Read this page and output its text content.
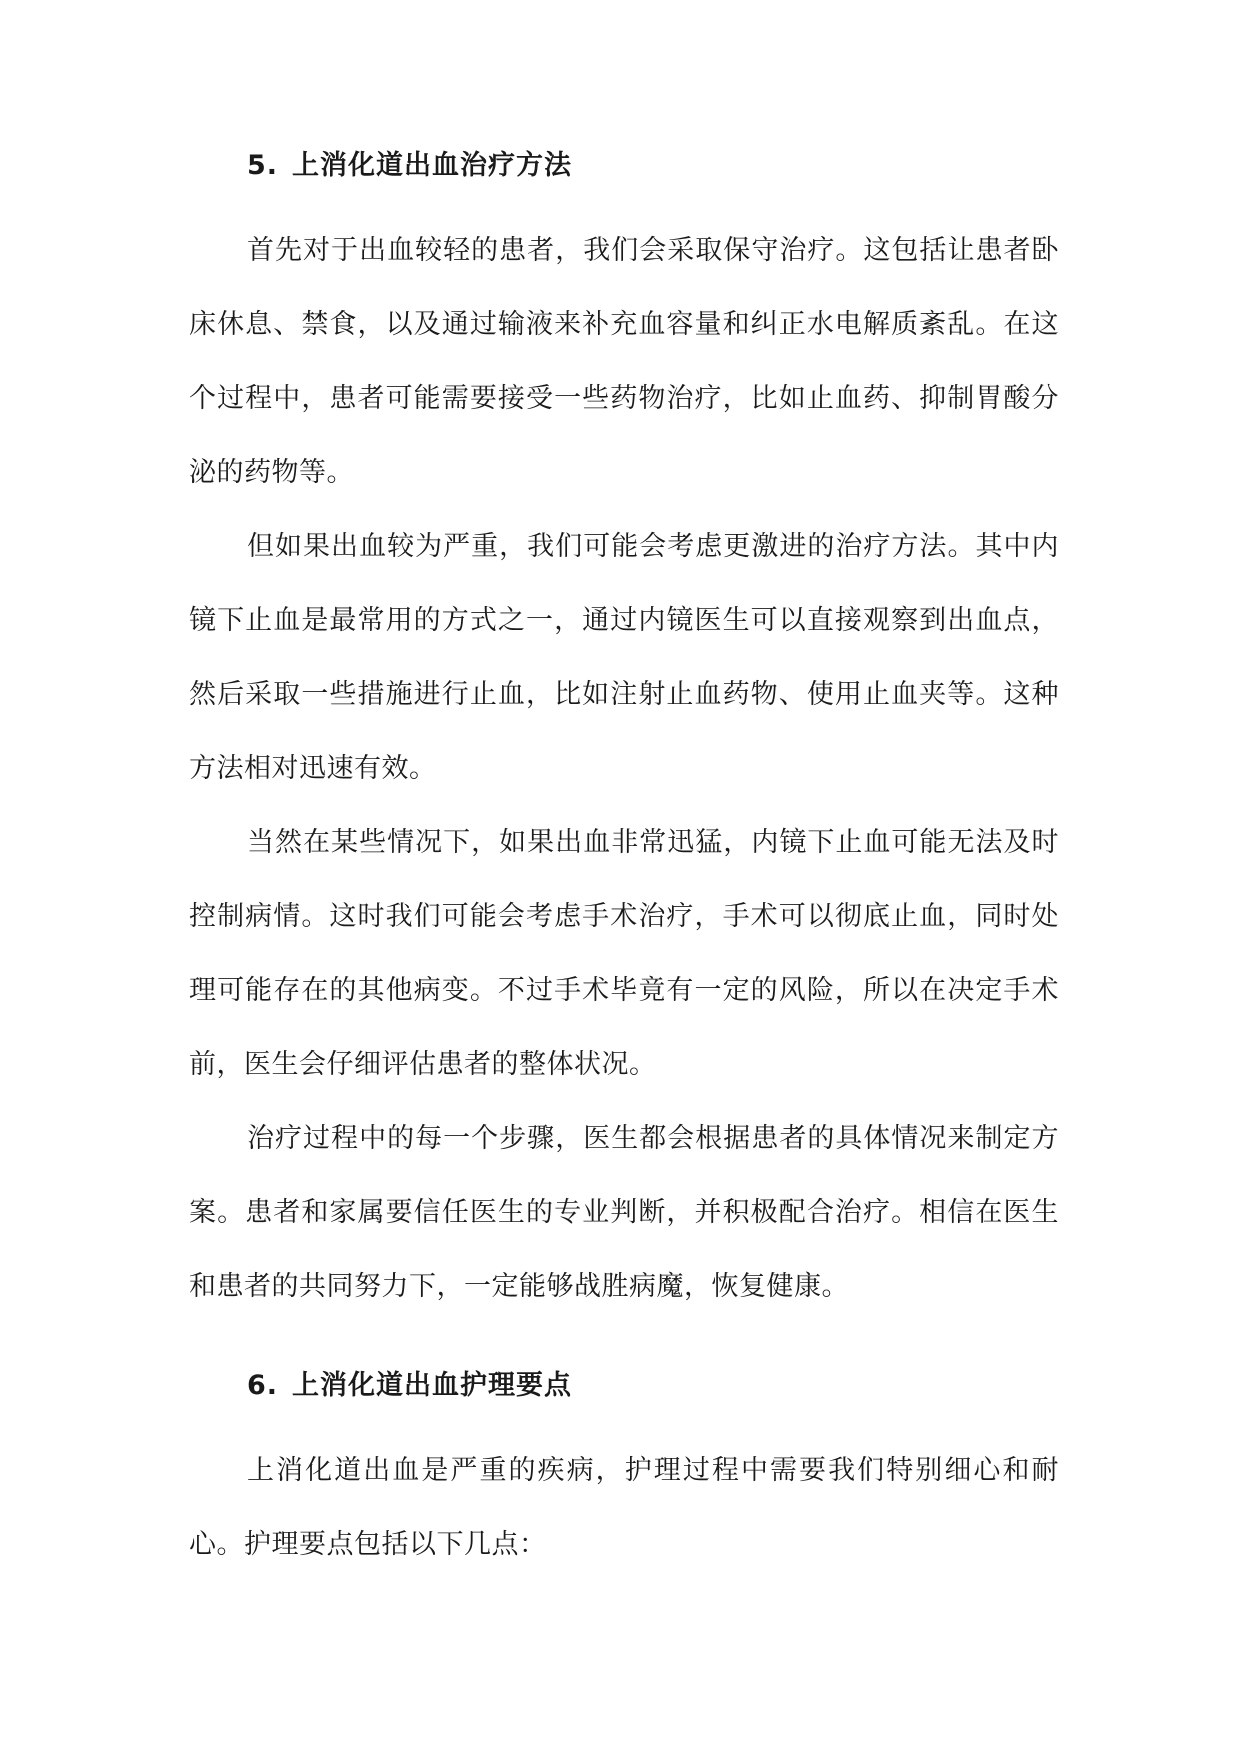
5. 上消化道出血治疗方法

首先对于出血较轻的患者，我们会采取保守治疗。这包括让患者卧床休息、禁食，以及通过输液来补充血容量和纠正水电解质紊乱。在这个过程中，患者可能需要接受一些药物治疗，比如止血药、抑制胃酸分泌的药物等。

但如果出血较为严重，我们可能会考虑更激进的治疗方法。其中内镜下止血是最常用的方式之一，通过内镜医生可以直接观察到出血点，然后采取一些措施进行止血，比如注射止血药物、使用止血夹等。这种方法相对迅速有效。

当然在某些情况下，如果出血非常迅猛，内镜下止血可能无法及时控制病情。这时我们可能会考虑手术治疗，手术可以彻底止血，同时处理可能存在的其他病变。不过手术毕竟有一定的风险，所以在决定手术前，医生会仔细评估患者的整体状况。

治疗过程中的每一个步骤，医生都会根据患者的具体情况来制定方案。患者和家属要信任医生的专业判断，并积极配合治疗。相信在医生和患者的共同努力下，一定能够战胜病魔，恢复健康。

6. 上消化道出血护理要点

上消化道出血是严重的疾病，护理过程中需要我们特别细心和耐心。护理要点包括以下几点：
